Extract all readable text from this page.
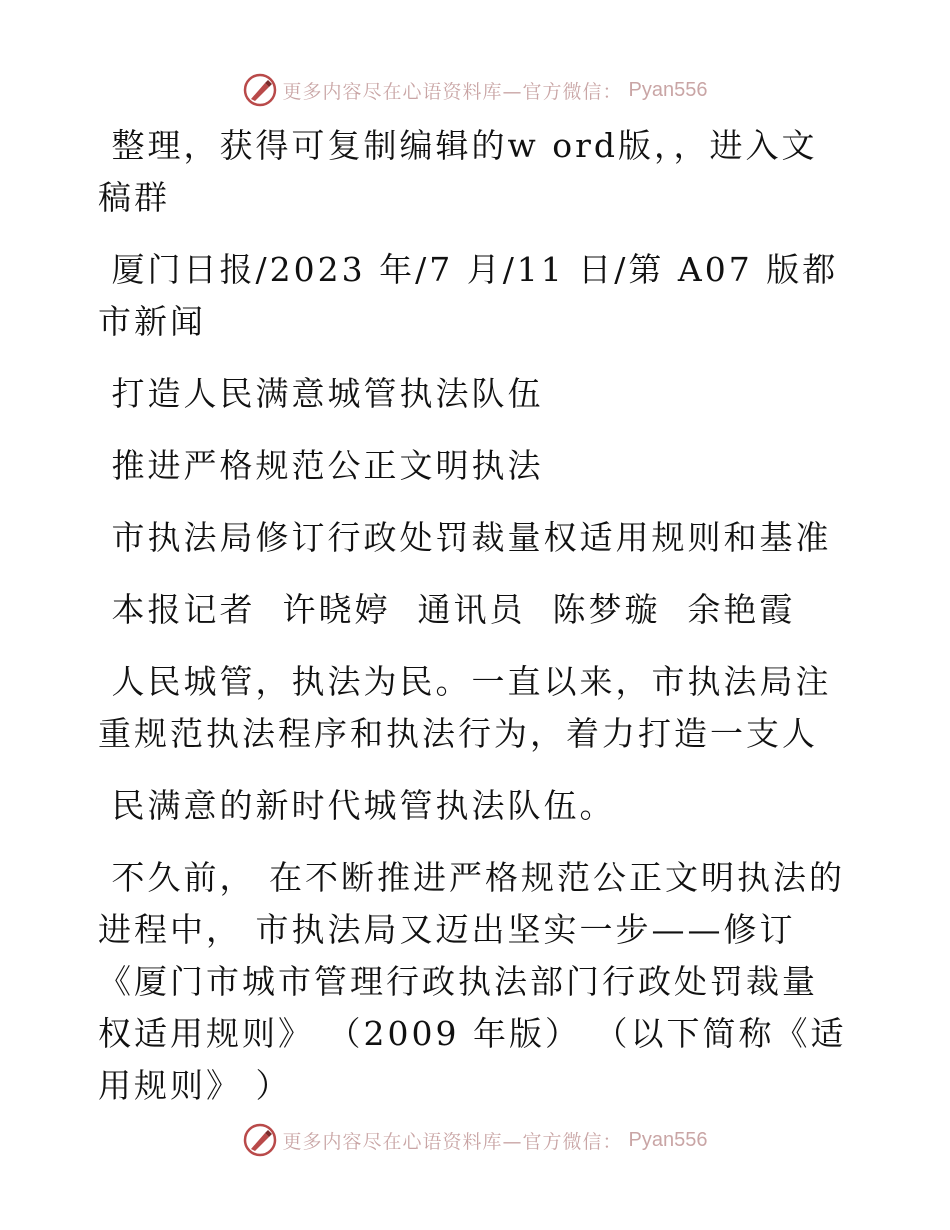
更多内容尽在心语资料库—官方微信： Pyan556

整理，获得可复制编辑的w ord版，，进入文稿群

厦门日报/2023 年/7 月/11 日/第 A07 版都市新闻

打造人民满意城管执法队伍

推进严格规范公正文明执法

市执法局修订行政处罚裁量权适用规则和基准

本报记者  许晓婷  通讯员  陈梦璇  余艳霞

人民城管，执法为民。一直以来，市执法局注重规范执法程序和执法行为，着力打造一支人

民满意的新时代城管执法队伍。

不久前， 在不断推进严格规范公正文明执法的进程中， 市执法局又迈出坚实一步——修订 《厦门市城市管理行政执法部门行政处罚裁量权适用规则》 （2009 年版） （以下简称《适用规则》 ）

更多内容尽在心语资料库—官方微信： Pyan556
